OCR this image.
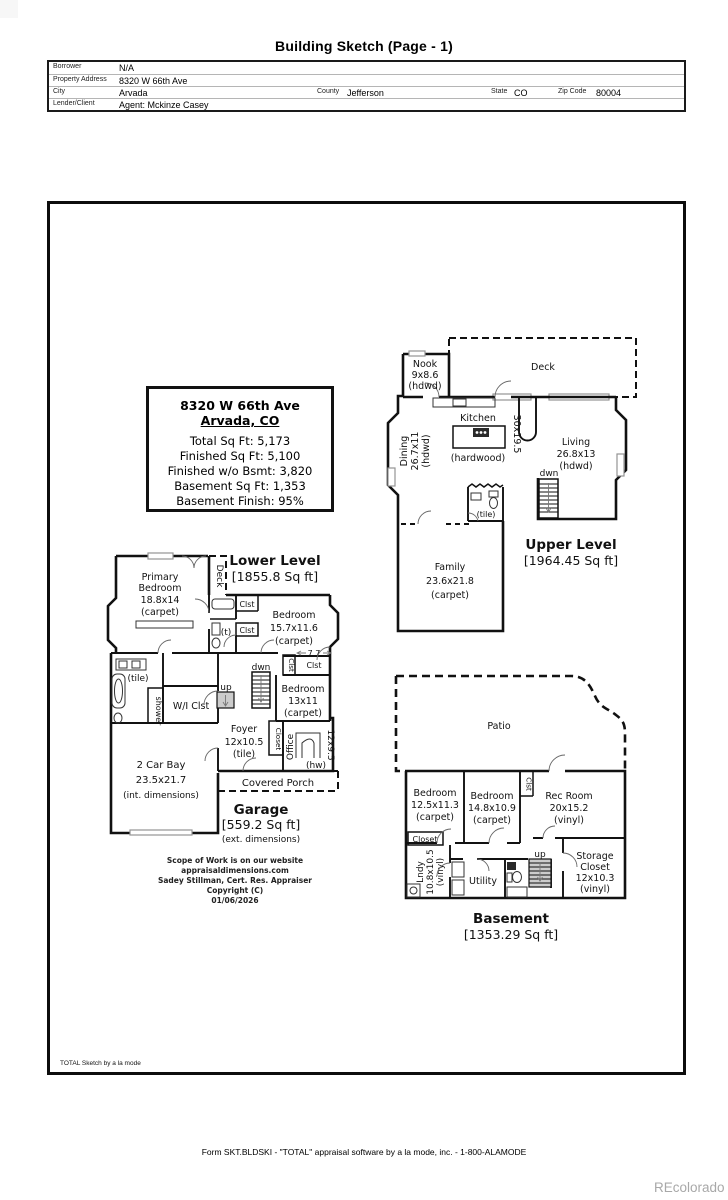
Building Sketch (Page - 1)
Borrower	N/A
Property Address 8320 W 66th Ave
City	Arvada	County Jefferson	State CO	Zip Code 80004
Lender/Client	Agent: Mckinze Casey
8320 W 66th Ave
Arvada, CO
Total Sq Ft: 5,173
Finished Sq Ft: 5,100
Finished w/o Bsmt: 3,820
Basement Sq Ft: 1,353
Basement Finish: 95%
Deck
Nook
9x8.6
(hdwd)
Kitchen
(hardwood)
30x19.5
Dining 26.7x11 (hdwd)	Living
26.8x13
(hdwd)
dwn
(tile)
Family
23.6x21.8
(carpet)
Upper Level
[1964.45 Sq ft]
Deck
Primary
Bedroom
18.8x14
(carpet)
(t)
Clst
Clst
Clst Clst
7.7
Bedroom
15.7x11.6
(carpet)
Bedroom
13x11
(carpet)
dwn
up
Foyer
12x10.5
(tile)
(tile)
shower W/I Clst
Closet Office
(hw)
12x9.5
2 Car Bay
23.5x21.7
(int. dimensions)
Covered Porch
Lower Level
[1855.8 Sq ft]
Garage
[559.2 Sq ft]
(ext. dimensions)
Patio
Bedroom
12.5x11.3
(carpet)
Bedroom
14.8x10.9
(carpet)
Rec Room
20x15.2
(vinyl)
Clst
Closet
Storage
Closet
12x10.3
(vinyl)
Lndy 10.8x10.5 (vinyl) Utility
up
Basement
[1353.29 Sq ft]
Scope of Work is on our website
appraisaldimensions.com
Sadey Stillman, Cert. Res. Appraiser
Copyright (C)
01/06/2026
TOTAL Sketch by a la mode
Form SKT.BLDSKI - "TOTAL" appraisal software by a la mode, inc. - 1-800-ALAMODE
REcolorado
